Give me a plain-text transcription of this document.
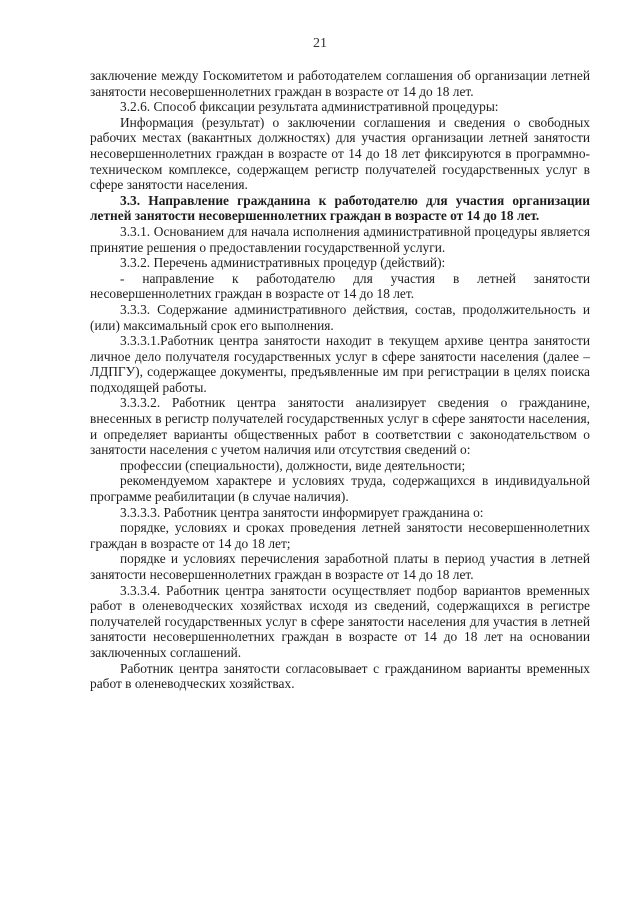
21

заключение между Госкомитетом и работодателем соглашения об организации летней занятости несовершеннолетних граждан в возрасте от 14 до 18 лет.

3.2.6. Способ фиксации результата административной процедуры:

Информация (результат) о заключении соглашения и сведения о свободных рабочих местах (вакантных должностях) для участия организации летней занятости несовершеннолетних граждан в возрасте от 14 до 18 лет фиксируются в программно-техническом комплексе, содержащем регистр получателей государственных услуг в сфере занятости населения.

3.3. Направление гражданина к работодателю для участия организации летней занятости несовершеннолетних граждан в возрасте от 14 до 18 лет.

3.3.1. Основанием для начала исполнения административной процедуры является принятие решения о предоставлении государственной услуги.

3.3.2. Перечень административных процедур (действий):

- направление к работодателю для участия в летней занятости несовершеннолетних граждан в возрасте от 14 до 18 лет.

3.3.3. Содержание административного действия, состав, продолжительность и (или) максимальный срок его выполнения.

3.3.3.1.Работник центра занятости находит в текущем архиве центра занятости личное дело получателя государственных услуг в сфере занятости населения (далее – ЛДПГУ), содержащее документы, предъявленные им при регистрации в целях поиска подходящей работы.

3.3.3.2. Работник центра занятости анализирует сведения о гражданине, внесенных в регистр получателей государственных услуг в сфере занятости населения, и определяет варианты общественных работ в соответствии с законодательством о занятости населения с учетом наличия или отсутствия сведений о:

профессии (специальности), должности, виде деятельности;

рекомендуемом характере и условиях труда, содержащихся в индивидуальной программе реабилитации (в случае наличия).

3.3.3.3. Работник центра занятости информирует гражданина о:

порядке, условиях и сроках проведения летней занятости несовершеннолетних граждан в возрасте от 14 до 18 лет;

порядке и условиях перечисления заработной платы в период участия в летней занятости несовершеннолетних граждан в возрасте от 14 до 18 лет.

3.3.3.4. Работник центра занятости осуществляет подбор вариантов временных работ в оленеводческих хозяйствах исходя из сведений, содержащихся в регистре получателей государственных услуг в сфере занятости населения для участия в летней занятости несовершеннолетних граждан в возрасте от 14 до 18 лет на основании заключенных соглашений.

Работник центра занятости согласовывает с гражданином варианты временных работ в оленеводческих хозяйствах.
